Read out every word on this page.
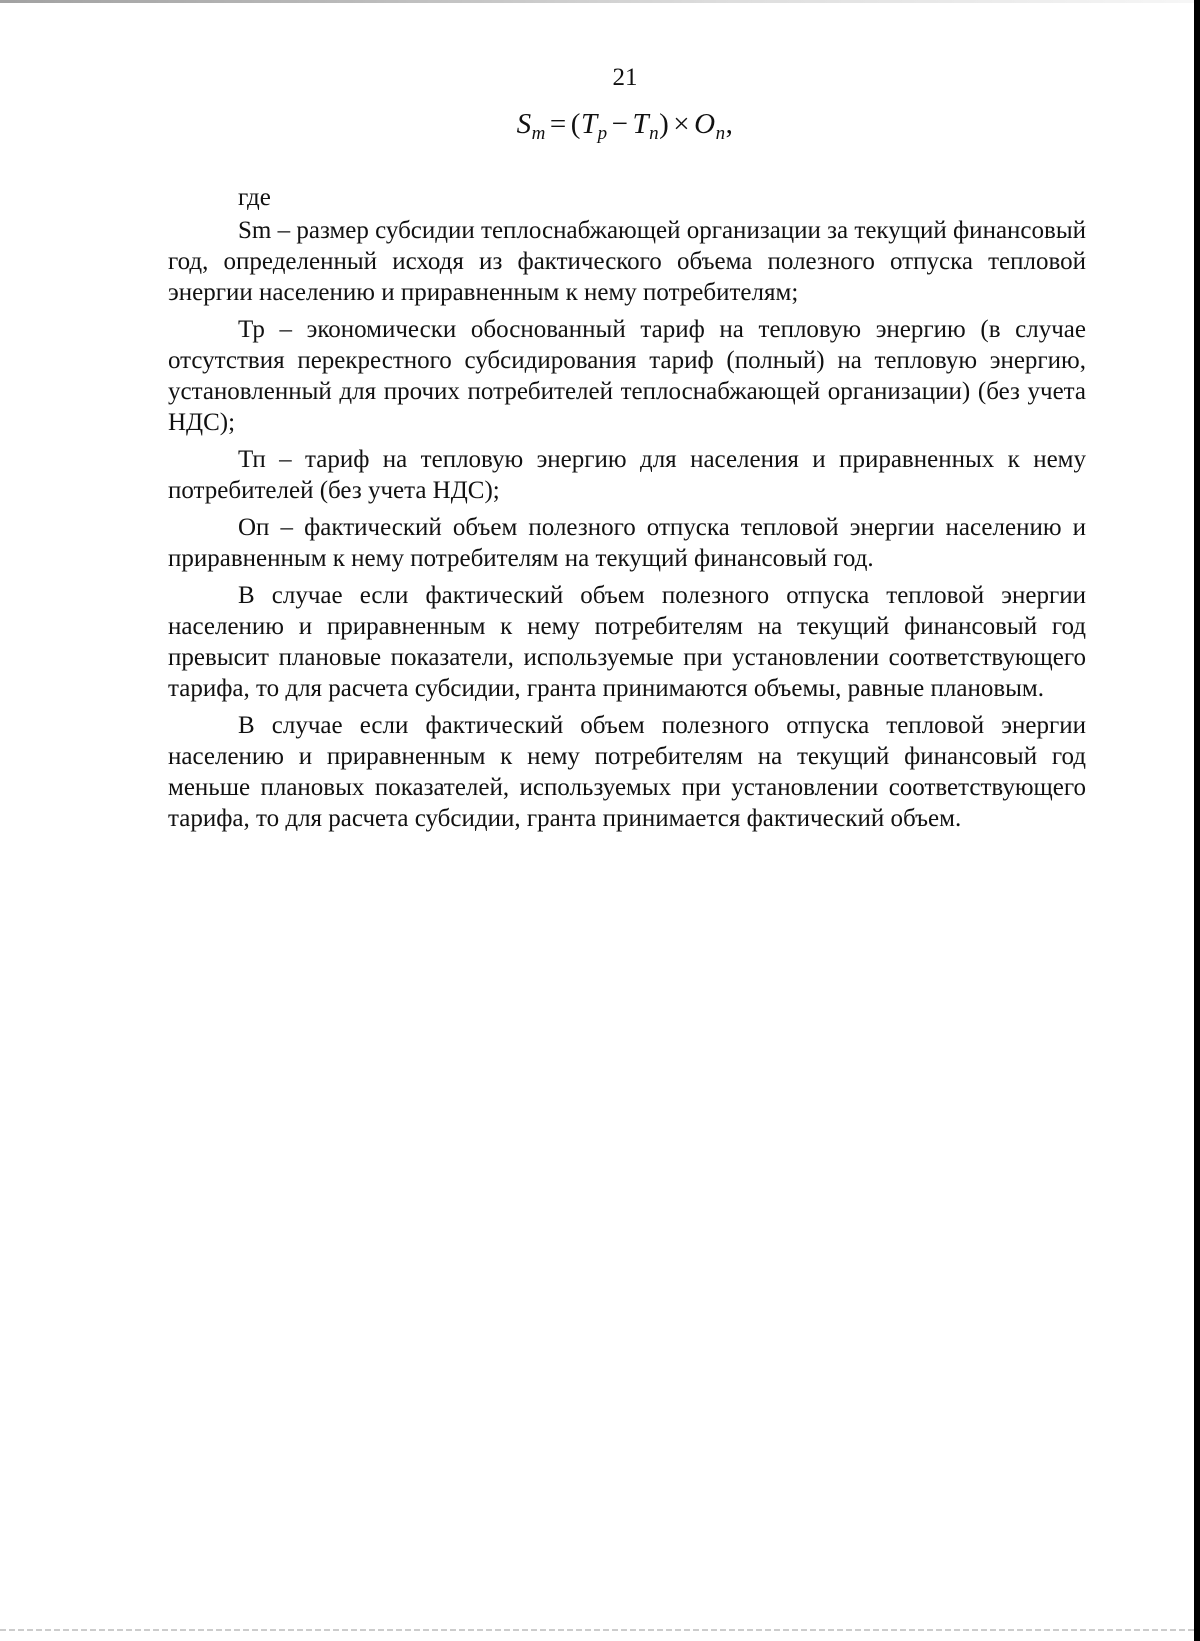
21
$S_m = (T_p - T_n) \times O_n$,

где

Sm – размер субсидии теплоснабжающей организации за текущий финансовый год, определенный исходя из фактического объема полезного отпуска тепловой энергии населению и приравненным к нему потребителям;

Тр – экономически обоснованный тариф на тепловую энергию (в случае отсутствия перекрестного субсидирования тариф (полный) на тепловую энергию, установленный для прочих потребителей теплоснабжающей организации) (без учета НДС);

Тп – тариф на тепловую энергию для населения и приравненных к нему потребителей (без учета НДС);

Оп – фактический объем полезного отпуска тепловой энергии населению и приравненным к нему потребителям на текущий финансовый год.

В случае если фактический объем полезного отпуска тепловой энергии населению и приравненным к нему потребителям на текущий финансовый год превысит плановые показатели, используемые при установлении соответствующего тарифа, то для расчета субсидии, гранта принимаются объемы, равные плановым.

В случае если фактический объем полезного отпуска тепловой энергии населению и приравненным к нему потребителям на текущий финансовый год меньше плановых показателей, используемых при установлении соответствующего тарифа, то для расчета субсидии, гранта принимается фактический объем.
